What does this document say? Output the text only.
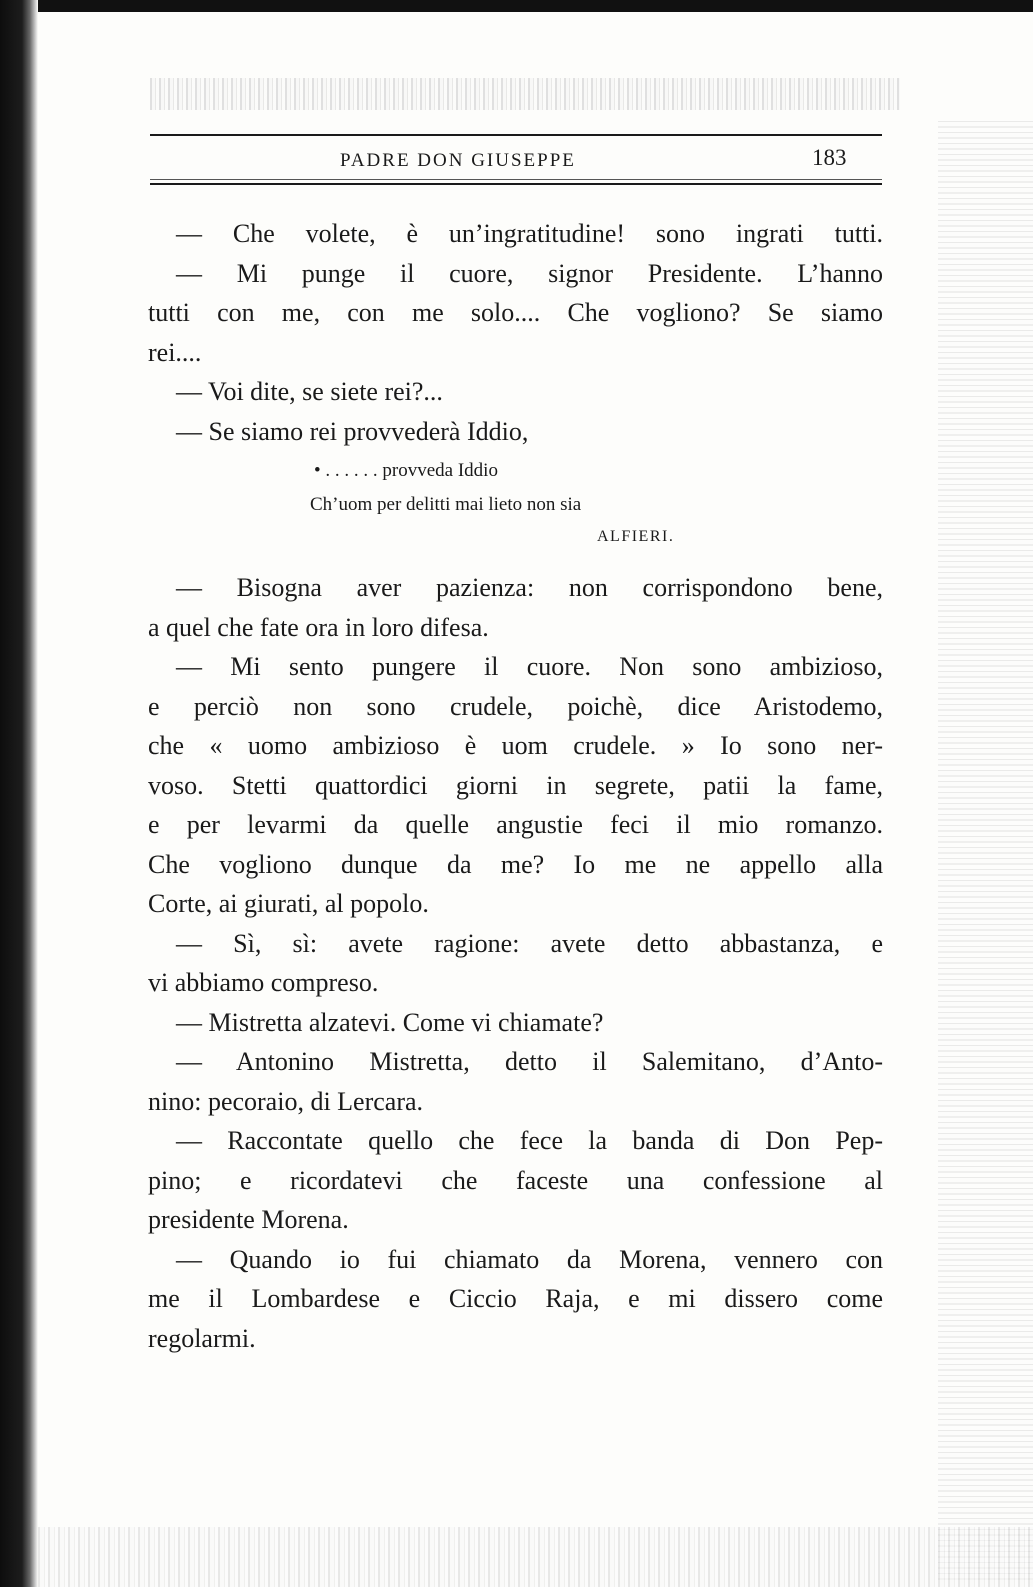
PADRE DON GIUSEPPE	183
— Che volete, è un’ingratitudine! sono ingrati tutti.
— Mi punge il cuore, signor Presidente. L’hanno
tutti con me, con me solo.... Che vogliono? Se siamo
rei....
— Voi dite, se siete rei?...
— Se siamo rei provvederà Iddio,
• . . . . . . provveda Iddio
Ch’uom per delitti mai lieto non sia
ALFIERI.
— Bisogna aver pazienza: non corrispondono bene,
a quel che fate ora in loro difesa.
— Mi sento pungere il cuore. Non sono ambizioso,
e perciò non sono crudele, poichè, dice Aristodemo,
che « uomo ambizioso è uom crudele. » Io sono ner-
voso. Stetti quattordici giorni in segrete, patii la fame,
e per levarmi da quelle angustie feci il mio romanzo.
Che vogliono dunque da me? Io me ne appello alla
Corte, ai giurati, al popolo.
— Sì, sì: avete ragione: avete detto abbastanza, e
vi abbiamo compreso.
— Mistretta alzatevi. Come vi chiamate?
— Antonino Mistretta, detto il Salemitano, d’Anto-
nino: pecoraio, di Lercara.
— Raccontate quello che fece la banda di Don Pep-
pino; e ricordatevi che faceste una confessione al
presidente Morena.
— Quando io fui chiamato da Morena, vennero con
me il Lombardese e Ciccio Raja, e mi dissero come
regolarmi.
